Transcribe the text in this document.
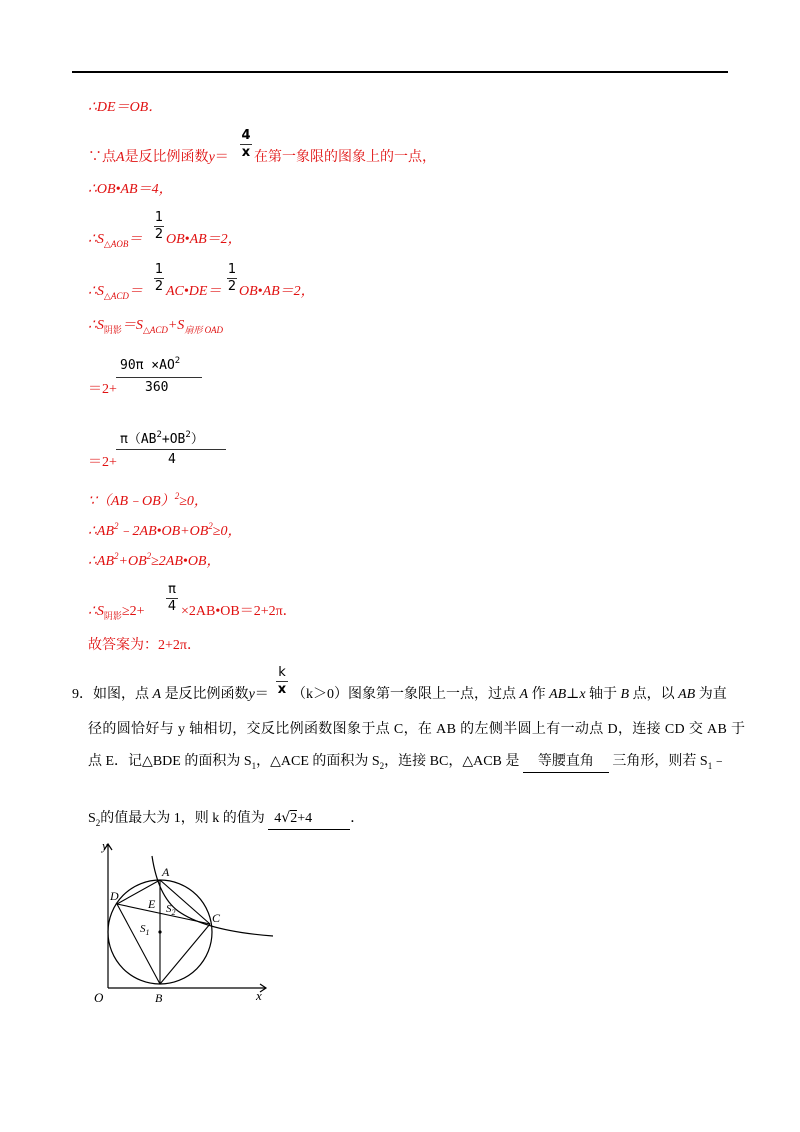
∴DE＝OB．
∵点A是反比例函数y＝
4
x 在第一象限的图象上的一点，
∴OB•AB＝4，
$\therefore S_{\triangle AOB}=$
1
2 OB•AB＝2，
$\therefore S_{\triangle ACD}=$
1
2 AC•DE＝
1
2 OB•AB＝2，
$\therefore S_{阴影}=S_{\triangle ACD}+S_{扇形 OAD}$
$90\pi \times AO^2$
360
＝2+
$\pi(AB^2+OB^2)$
4
＝2+
∵（AB﹣OB）$^2$≥0，
$\therefore AB^2﹣2AB•OB+OB^2\ge 0$，
$\therefore AB^2+OB^2\ge 2AB•OB$，
$\therefore S_{阴影}\ge 2+$
π
4 ×2AB•OB＝2+2π．
故答案为：2+2π．
9．如图，点 A 是反比例函数y＝
k
x （k＞0）图象第一象限上一点，过点 A 作 AB⊥x 轴于 B 点，以 AB 为直
径的圆恰好与 y 轴相切，交反比例函数图象于点 C，在 AB 的左侧半圆上有一动点 D，连接 CD 交 AB 于
点 E．记△BDE 的面积为 $S_1$，△ACE 的面积为 $S_2$，连接 BC，△ACB 是 等腰直角 三角形，则若 $S_1﹣$
$S_2$的值最大为 1，则 k 的值为 4√2+4	．
y
x
O
A
B
C
D
E
$S_1$
$S_2$
